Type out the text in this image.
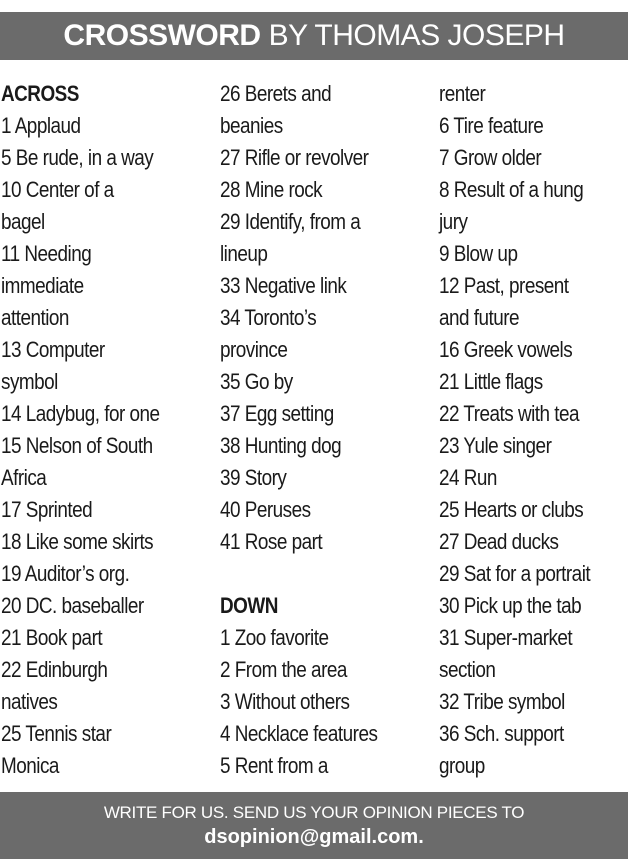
CROSSWORD BY THOMAS JOSEPH
ACROSS
1 Applaud
5 Be rude, in a way
10 Center of a
bagel
11 Needing
immediate
attention
13 Computer
symbol
14 Ladybug, for one
15 Nelson of South
Africa
17 Sprinted
18 Like some skirts
19 Auditor’s org.
20 DC. baseballer
21 Book part
22 Edinburgh
natives
25 Tennis star
Monica
26 Berets and
beanies
27 Rifle or revolver
28 Mine rock
29 Identify, from a
lineup
33 Negative link
34 Toronto’s
province
35 Go by
37 Egg setting
38 Hunting dog
39 Story
40 Peruses
41 Rose part
DOWN
1 Zoo favorite
2 From the area
3 Without others
4 Necklace features
5 Rent from a
renter
6 Tire feature
7 Grow older
8 Result of a hung
jury
9 Blow up
12 Past, present
and future
16 Greek vowels
21 Little flags
22 Treats with tea
23 Yule singer
24 Run
25 Hearts or clubs
27 Dead ducks
29 Sat for a portrait
30 Pick up the tab
31 Super-market
section
32 Tribe symbol
36 Sch. support
group
WRITE FOR US. SEND US YOUR OPINION PIECES TO
dsopinion@gmail.com.
